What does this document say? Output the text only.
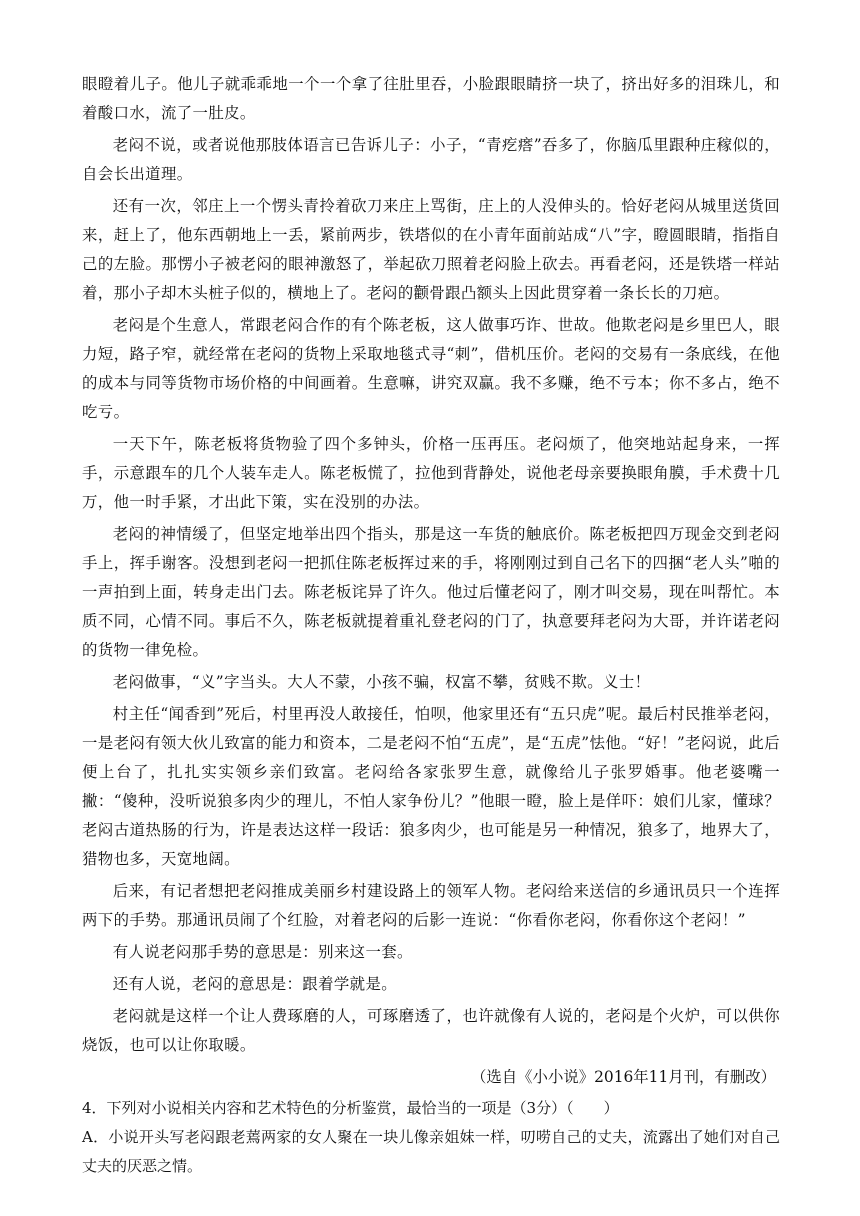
眼瞪着儿子。他儿子就乖乖地一个一个拿了往肚里吞，小脸跟眼睛挤一块了，挤出好多的泪珠儿，和着酸口水，流了一肚皮。

老闷不说，或者说他那肢体语言已告诉儿子：小子，“青疙瘩”吞多了，你脑瓜里跟种庄稼似的，自会长出道理。

还有一次，邻庄上一个愣头青拎着砍刀来庄上骂街，庄上的人没伸头的。恰好老闷从城里送货回来，赶上了，他东西朝地上一丢，紧前两步，铁塔似的在小青年面前站成“八”字，瞪圆眼睛，指指自己的左脸。那愣小子被老闷的眼神激怒了，举起砍刀照着老闷脸上砍去。再看老闷，还是铁塔一样站着，那小子却木头桩子似的，横地上了。老闷的颧骨跟凸额头上因此贯穿着一条长长的刀疤。

老闷是个生意人，常跟老闷合作的有个陈老板，这人做事巧诈、世故。他欺老闷是乡里巴人，眼力短，路子窄，就经常在老闷的货物上采取地毯式寻“刺”，借机压价。老闷的交易有一条底线，在他的成本与同等货物市场价格的中间画着。生意嘛，讲究双赢。我不多赚，绝不亏本；你不多占，绝不吃亏。

一天下午，陈老板将货物验了四个多钟头，价格一压再压。老闷烦了，他突地站起身来，一挥手，示意跟车的几个人装车走人。陈老板慌了，拉他到背静处，说他老母亲要换眼角膜，手术费十几万，他一时手紧，才出此下策，实在没别的办法。

老闷的神情缓了，但坚定地举出四个指头，那是这一车货的触底价。陈老板把四万现金交到老闷手上，挥手谢客。没想到老闷一把抓住陈老板挥过来的手，将刚刚过到自己名下的四捆“老人头”啪的一声拍到上面，转身走出门去。陈老板诧异了许久。他过后懂老闷了，刚才叫交易，现在叫帮忙。本质不同，心情不同。事后不久，陈老板就提着重礼登老闷的门了，执意要拜老闷为大哥，并许诺老闷的货物一律免检。

老闷做事，“义”字当头。大人不蒙，小孩不骗，权富不攀，贫贱不欺。义士！

村主任“闻香到”死后，村里再没人敢接任，怕呗，他家里还有“五只虎”呢。最后村民推举老闷，一是老闷有领大伙儿致富的能力和资本，二是老闷不怕“五虎”，是“五虎”怯他。“好！”老闷说，此后便上台了，扎扎实实领乡亲们致富。老闷给各家张罗生意，就像给儿子张罗婚事。他老婆嘴一撇：“傻种，没听说狼多肉少的理儿，不怕人家争份儿？”他眼一瞪，脸上是佯吓：娘们儿家，懂球？老闷古道热肠的行为，许是表达这样一段话：狼多肉少，也可能是另一种情况，狼多了，地界大了，猎物也多，天宽地阔。

后来，有记者想把老闷推成美丽乡村建设路上的领军人物。老闷给来送信的乡通讯员只一个连挥两下的手势。那通讯员闹了个红脸，对着老闷的后影一连说：“你看你老闷，你看你这个老闷！”

有人说老闷那手势的意思是：别来这一套。

还有人说，老闷的意思是：跟着学就是。

老闷就是这样一个让人费琢磨的人，可琢磨透了，也许就像有人说的，老闷是个火炉，可以供你烧饭，也可以让你取暖。

（选自《小小说》2016年11月刊，有删改）

4．下列对小说相关内容和艺术特色的分析鉴赏，最恰当的一项是（3分）（　　）

A．小说开头写老闷跟老蔫两家的女人聚在一块儿像亲姐妹一样，叨唠自己的丈夫，流露出了她们对自己丈夫的厌恶之情。
